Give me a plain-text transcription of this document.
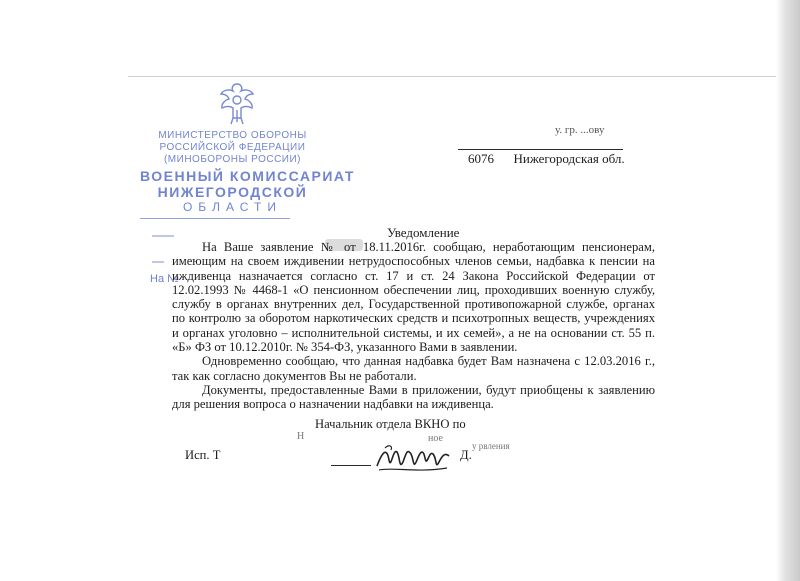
МИНИСТЕРСТВО ОБОРОНЫ
РОССИЙСКОЙ ФЕДЕРАЦИИ
(МИНОБОРОНЫ РОССИИ)
ВОЕННЫЙ КОМИССАРИАТ
НИЖЕГОРОДСКОЙ
ОБЛАСТИ
На №
у. гр. ...ову
6076      Нижегородская обл.
Уведомление

На Ваше заявление № от 18.11.2016г. сообщаю, неработающим пенсионерам, имеющим на своем иждивении нетрудоспособных членов семьи, надбавка к пенсии на иждивенца назначается согласно ст. 17 и ст. 24 Закона Российской Федерации от 12.02.1993 № 4468-1 «О пенсионном обеспечении лиц, проходивших военную службу, службу в органах внутренних дел, Государственной противопожарной службе, органах по контролю за оборотом наркотических средств и психотропных веществ, учреждениях и органах уголовно – исполнительной системы, и их семей», а не на основании ст. 55 п. «Б» ФЗ от 10.12.2010г. № 354-ФЗ, указанного Вами в заявлении.

Одновременно сообщаю, что данная надбавка будет Вам назначена с 12.03.2016 г., так как согласно документов Вы не работали.

Документы, предоставленные Вами в приложении, будут приобщены к заявлению для решения вопроса о назначении надбавки на иждивенца.

Начальник отдела ВКНО по
Н	ное
у рвления
Исп. Т	Д.
